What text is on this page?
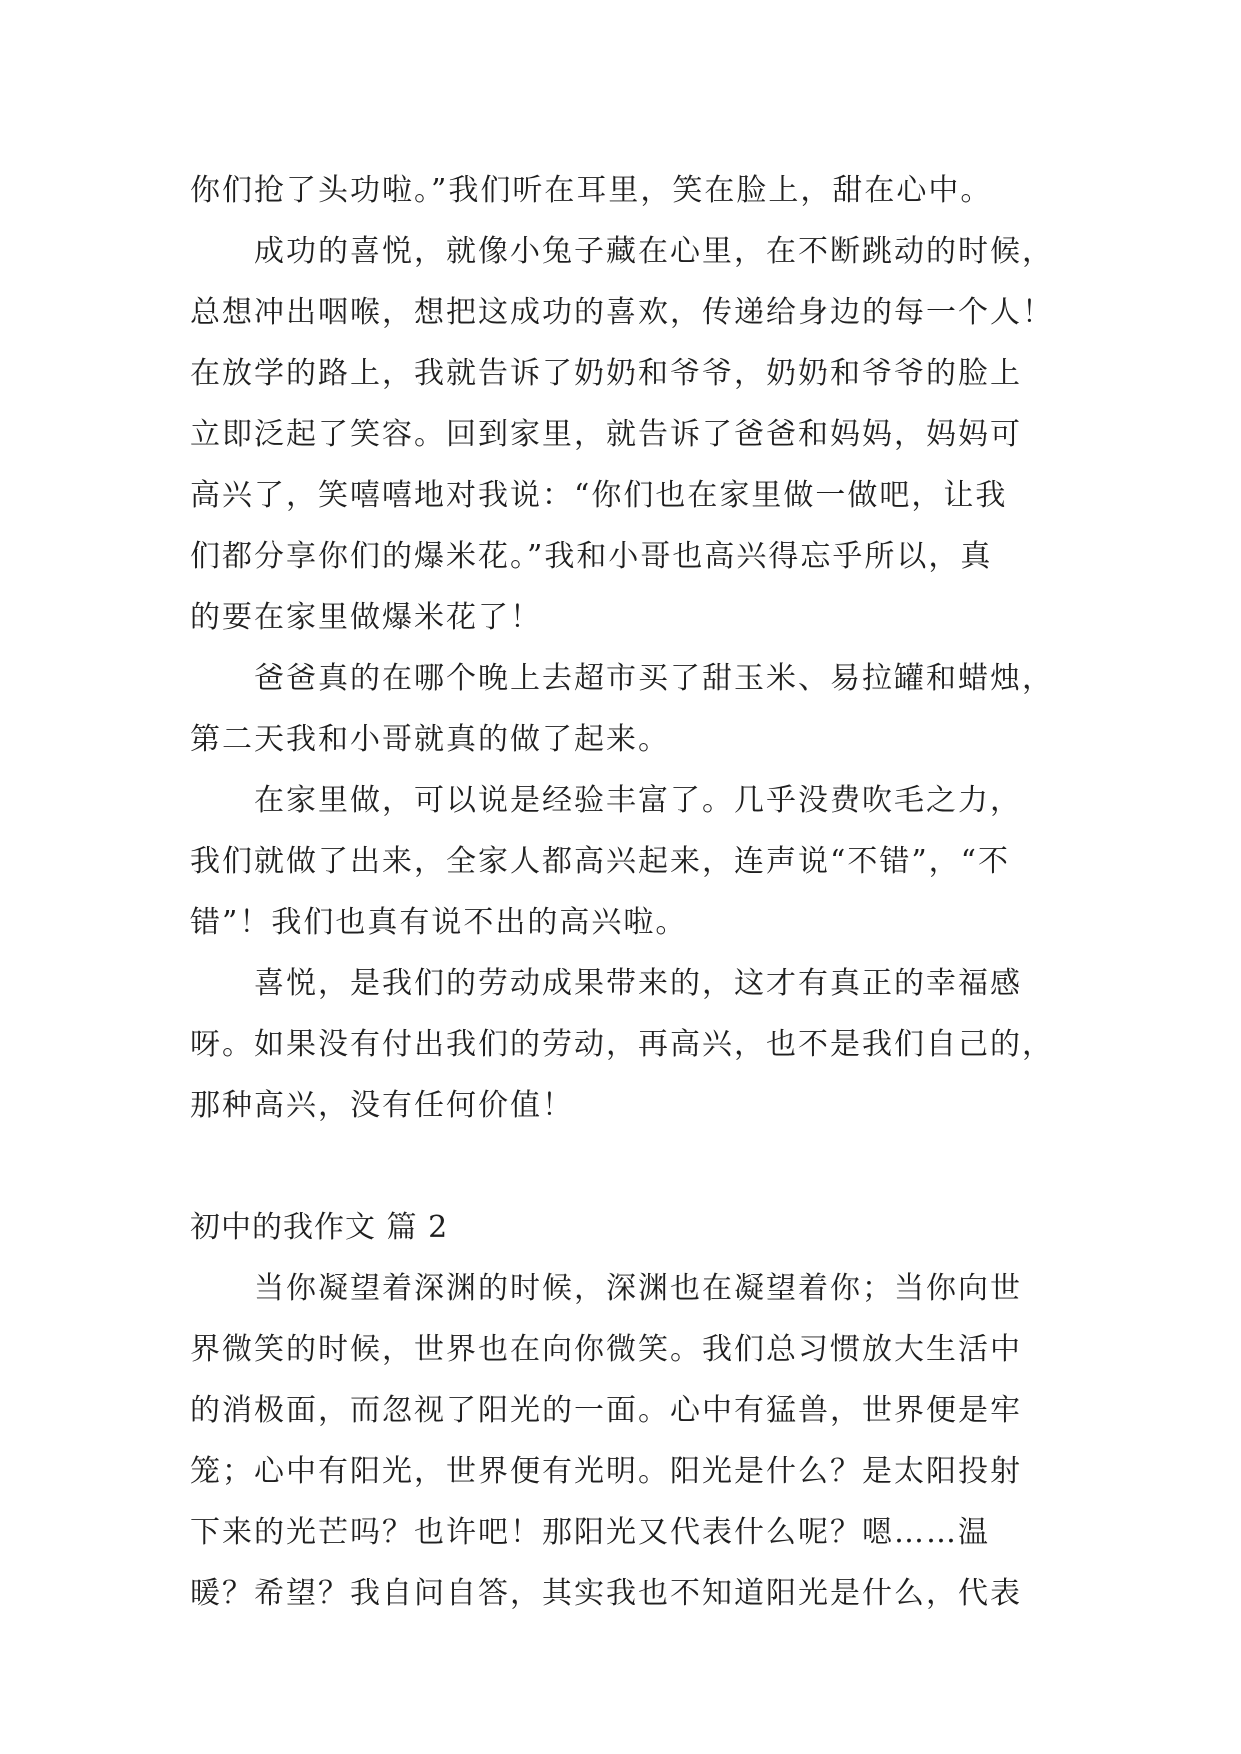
你们抢了头功啦。”我们听在耳里，笑在脸上，甜在心中。
成功的喜悦，就像小兔子藏在心里，在不断跳动的时候，
总想冲出咽喉，想把这成功的喜欢，传递给身边的每一个人！
在放学的路上，我就告诉了奶奶和爷爷，奶奶和爷爷的脸上
立即泛起了笑容。回到家里，就告诉了爸爸和妈妈，妈妈可
高兴了，笑嘻嘻地对我说：“你们也在家里做一做吧，让我
们都分享你们的爆米花。”我和小哥也高兴得忘乎所以，真
的要在家里做爆米花了！
爸爸真的在哪个晚上去超市买了甜玉米、易拉罐和蜡烛，
第二天我和小哥就真的做了起来。
在家里做，可以说是经验丰富了。几乎没费吹毛之力，
我们就做了出来，全家人都高兴起来，连声说“不错”，“不
错”！我们也真有说不出的高兴啦。
喜悦，是我们的劳动成果带来的，这才有真正的幸福感
呀。如果没有付出我们的劳动，再高兴，也不是我们自己的，
那种高兴，没有任何价值！
初中的我作文 篇 2
当你凝望着深渊的时候，深渊也在凝望着你；当你向世
界微笑的时候，世界也在向你微笑。我们总习惯放大生活中
的消极面，而忽视了阳光的一面。心中有猛兽，世界便是牢
笼；心中有阳光，世界便有光明。阳光是什么？是太阳投射
下来的光芒吗？也许吧！那阳光又代表什么呢？嗯……温
暖？希望？我自问自答，其实我也不知道阳光是什么，代表
